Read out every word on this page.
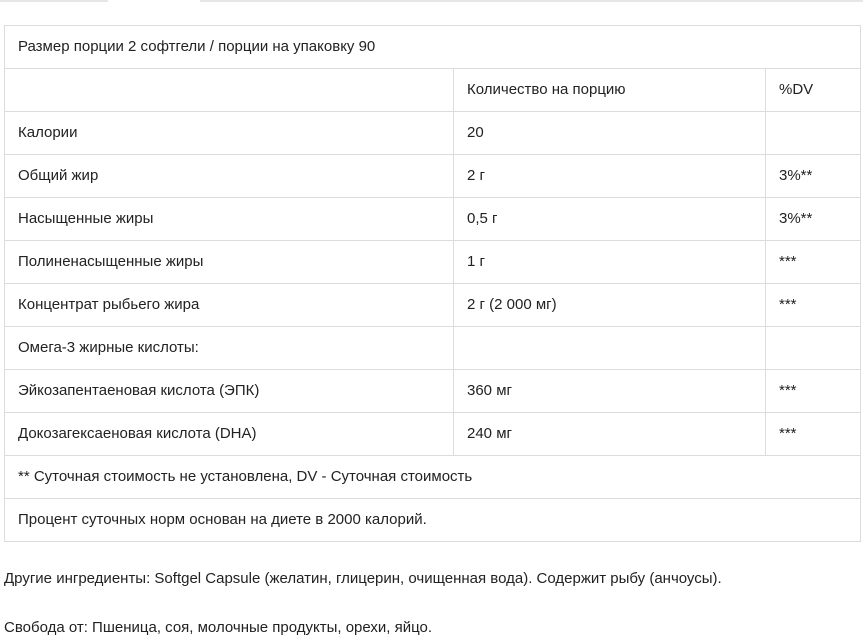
Размер порции 2 софтгели / порции на упаковку 90		
	Количество на порцию	%DV
Калории	20	
Общий жир	2 г	3%**
Насыщенные жиры	0,5 г	3%**
Полиненасыщенные жиры	1 г	***
Концентрат рыбьего жира	2 г (2 000 мг)	***
Омега-3 жирные кислоты:		
Эйкозапентаеновая кислота (ЭПК)	360 мг	***
Докозагексаеновая кислота (DHA)	240 мг	***
** Суточная стоимость не установлена, DV - Суточная стоимость		
Процент суточных норм основан на диете в 2000 калорий.		
Другие ингредиенты: Softgel Capsule (желатин, глицерин, очищенная вода). Содержит рыбу (анчоусы).
Свобода от: Пшеница, соя, молочные продукты, орехи, яйцо.
